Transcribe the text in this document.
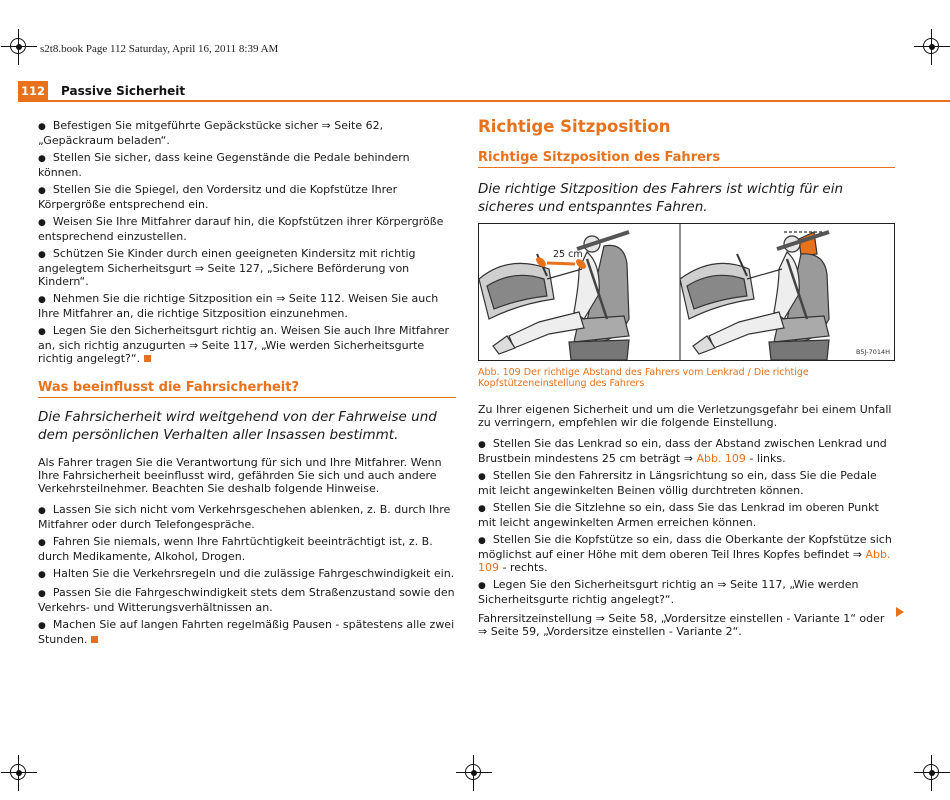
s2t8.book Page 112 Saturday, April 16, 2011 8:39 AM
112 Passive Sicherheit

● Befestigen Sie mitgeführte Gepäckstücke sicher ⇒ Seite 62, „Gepäckraum beladen“.

● Stellen Sie sicher, dass keine Gegenstände die Pedale behindern können.

● Stellen Sie die Spiegel, den Vordersitz und die Kopfstütze Ihrer Körpergröße entsprechend ein.

● Weisen Sie Ihre Mitfahrer darauf hin, die Kopfstützen ihrer Körpergröße entsprechend einzustellen.

● Schützen Sie Kinder durch einen geeigneten Kindersitz mit richtig angelegtem Sicherheitsgurt ⇒ Seite 127, „Sichere Beförderung von Kindern“.

● Nehmen Sie die richtige Sitzposition ein ⇒ Seite 112. Weisen Sie auch Ihre Mitfahrer an, die richtige Sitzposition einzunehmen.

● Legen Sie den Sicherheitsgurt richtig an. Weisen Sie auch Ihre Mitfahrer an, sich richtig anzugurten ⇒ Seite 117, „Wie werden Sicherheitsgurte richtig angelegt?“.

Was beeinflusst die Fahrsicherheit?

Die Fahrsicherheit wird weitgehend von der Fahrweise und dem persönlichen Verhalten aller Insassen bestimmt.

Als Fahrer tragen Sie die Verantwortung für sich und Ihre Mitfahrer. Wenn Ihre Fahrsicherheit beeinflusst wird, gefährden Sie sich und auch andere Verkehrsteilnehmer. Beachten Sie deshalb folgende Hinweise.

● Lassen Sie sich nicht vom Verkehrsgeschehen ablenken, z. B. durch Ihre Mitfahrer oder durch Telefongespräche.

● Fahren Sie niemals, wenn Ihre Fahrtüchtigkeit beeinträchtigt ist, z. B. durch Medikamente, Alkohol, Drogen.

● Halten Sie die Verkehrsregeln und die zulässige Fahrgeschwindigkeit ein.

● Passen Sie die Fahrgeschwindigkeit stets dem Straßenzustand sowie den Verkehrs- und Witterungsverhältnissen an.

● Machen Sie auf langen Fahrten regelmäßig Pausen - spätestens alle zwei Stunden.

Richtige Sitzposition

Richtige Sitzposition des Fahrers

Die richtige Sitzposition des Fahrers ist wichtig für ein sicheres und entspanntes Fahren.

25 cm
B5J-7014H
Abb. 109 Der richtige Abstand des Fahrers vom Lenkrad / Die richtige Kopfstützeneinstellung des Fahrers

Zu Ihrer eigenen Sicherheit und um die Verletzungsgefahr bei einem Unfall zu verringern, empfehlen wir die folgende Einstellung.

● Stellen Sie das Lenkrad so ein, dass der Abstand zwischen Lenkrad und Brustbein mindestens 25 cm beträgt ⇒ Abb. 109 - links.

● Stellen Sie den Fahrersitz in Längsrichtung so ein, dass Sie die Pedale mit leicht angewinkelten Beinen völlig durchtreten können.

● Stellen Sie die Sitzlehne so ein, dass Sie das Lenkrad im oberen Punkt mit leicht angewinkelten Armen erreichen können.

● Stellen Sie die Kopfstütze so ein, dass die Oberkante der Kopfstütze sich möglichst auf einer Höhe mit dem oberen Teil Ihres Kopfes befindet ⇒ Abb. 109 - rechts.

● Legen Sie den Sicherheitsgurt richtig an ⇒ Seite 117, „Wie werden Sicherheitsgurte richtig angelegt?“.

Fahrersitzeinstellung ⇒ Seite 58, „Vordersitze einstellen - Variante 1“ oder

⇒ Seite 59, „Vordersitze einstellen - Variante 2“.
